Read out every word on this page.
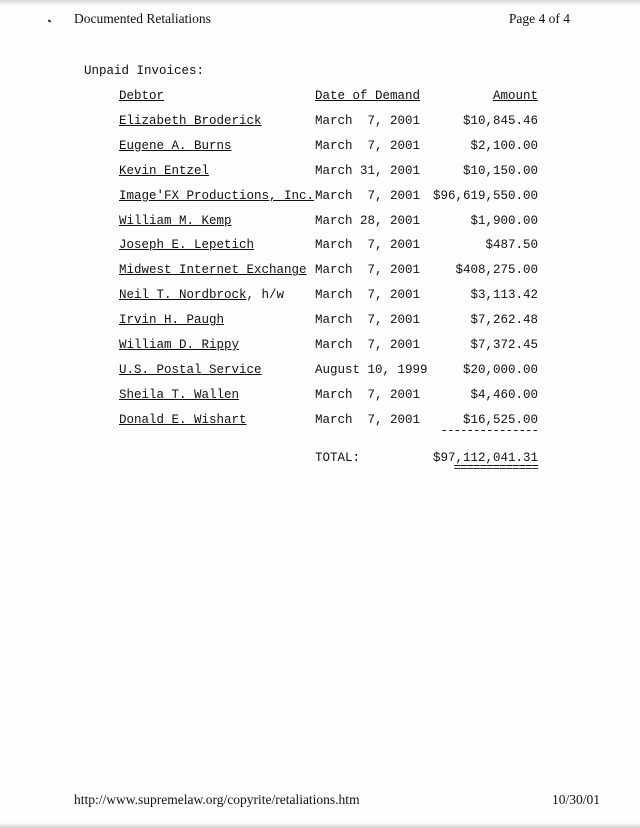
Documented Retaliations	Page 4 of 4
Unpaid Invoices:
Debtor	Date of Demand	Amount
Elizabeth Broderick	March  7, 2001	$10,845.46
Eugene A. Burns	March  7, 2001	$2,100.00
Kevin Entzel	March 31, 2001	$10,150.00
Image'FX Productions, Inc. March  7, 2001 $96,619,550.00
William M. Kemp	March 28, 2001	$1,900.00
Joseph E. Lepetich	March  7, 2001	$487.50
Midwest Internet Exchange March  7, 2001	$408,275.00
Neil T. Nordbrock, h/w March  7, 2001	$3,113.42
Irvin H. Paugh	March  7, 2001	$7,262.48
William D. Rippy	March  7, 2001	$7,372.45
U.S. Postal Service	August 10, 1999	$20,000.00
Sheila T. Wallen	March  7, 2001	$4,460.00
Donald E. Wishart	March  7, 2001	$16,525.00
---------------
TOTAL:	$97,112,041.31
=============
http://www.supremelaw.org/copyrite/retaliations.htm	10/30/01
